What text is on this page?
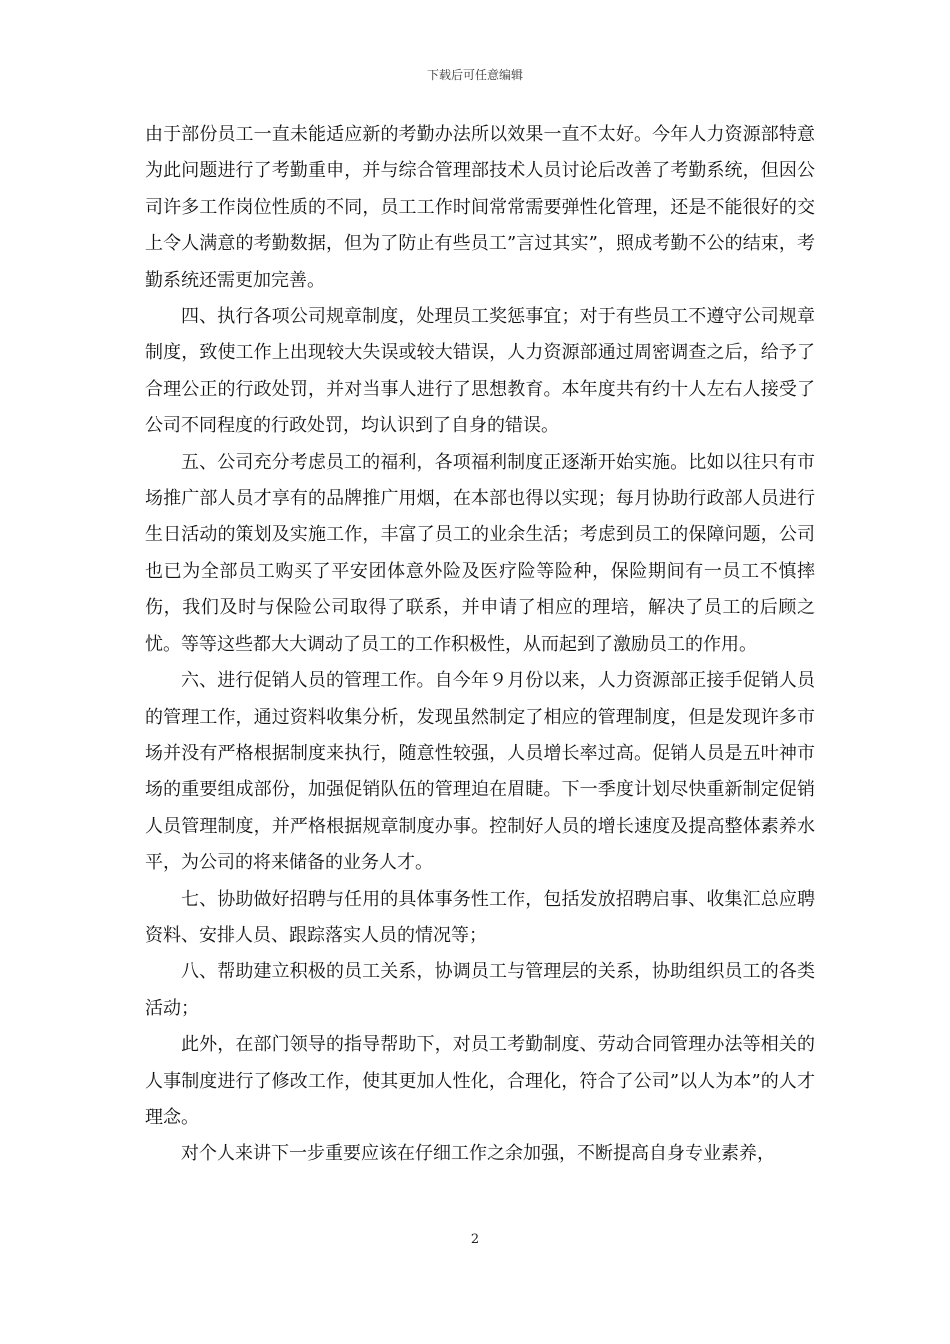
下载后可任意编辑

由于部份员工一直未能适应新的考勤办法所以效果一直不太好。今年人力资源部特意为此问题进行了考勤重申，并与综合管理部技术人员讨论后改善了考勤系统，但因公司许多工作岗位性质的不同，员工工作时间常常需要弹性化管理，还是不能很好的交上令人满意的考勤数据，但为了防止有些员工”言过其实”，照成考勤不公的结束，考勤系统还需更加完善。

四、执行各项公司规章制度，处理员工奖惩事宜；对于有些员工不遵守公司规章制度，致使工作上出现较大失误或较大错误，人力资源部通过周密调查之后，给予了合理公正的行政处罚，并对当事人进行了思想教育。本年度共有约十人左右人接受了公司不同程度的行政处罚，均认识到了自身的错误。

五、公司充分考虑员工的福利，各项福利制度正逐渐开始实施。比如以往只有市场推广部人员才享有的品牌推广用烟，在本部也得以实现；每月协助行政部人员进行生日活动的策划及实施工作，丰富了员工的业余生活；考虑到员工的保障问题，公司也已为全部员工购买了平安团体意外险及医疗险等险种，保险期间有一员工不慎摔伤，我们及时与保险公司取得了联系，并申请了相应的理培，解决了员工的后顾之忧。等等这些都大大调动了员工的工作积极性，从而起到了激励员工的作用。

六、进行促销人员的管理工作。自今年９月份以来，人力资源部正接手促销人员的管理工作，通过资料收集分析，发现虽然制定了相应的管理制度，但是发现许多市场并没有严格根据制度来执行，随意性较强，人员增长率过高。促销人员是五叶神市场的重要组成部份，加强促销队伍的管理迫在眉睫。下一季度计划尽快重新制定促销人员管理制度，并严格根据规章制度办事。控制好人员的增长速度及提高整体素养水平，为公司的将来储备的业务人才。

七、协助做好招聘与任用的具体事务性工作，包括发放招聘启事、收集汇总应聘资料、安排人员、跟踪落实人员的情况等；

八、帮助建立积极的员工关系，协调员工与管理层的关系，协助组织员工的各类活动；

此外，在部门领导的指导帮助下，对员工考勤制度、劳动合同管理办法等相关的人事制度进行了修改工作，使其更加人性化，合理化，符合了公司”以人为本”的人才理念。

对个人来讲下一步重要应该在仔细工作之余加强，不断提高自身专业素养，

2
